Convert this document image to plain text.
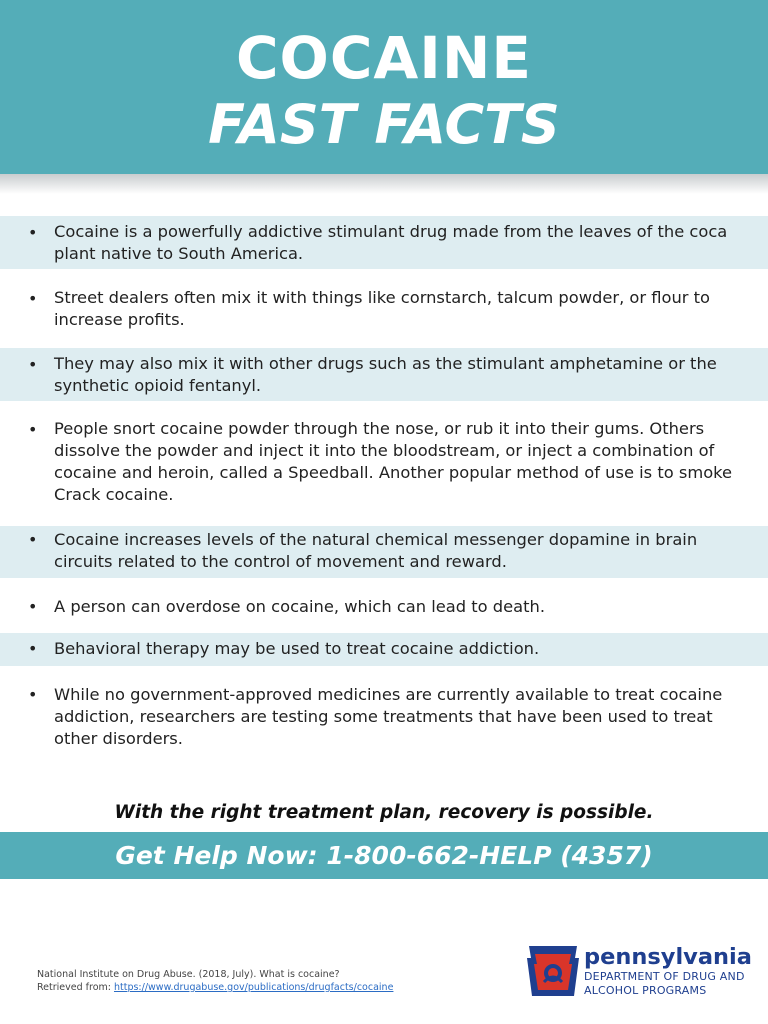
COCAINE
FAST FACTS
• Cocaine is a powerfully addictive stimulant drug made from the leaves of the coca plant native to South America.
• Street dealers often mix it with things like cornstarch, talcum powder, or flour to increase profits.
• They may also mix it with other drugs such as the stimulant amphetamine or the synthetic opioid fentanyl.
• People snort cocaine powder through the nose, or rub it into their gums. Others dissolve the powder and inject it into the bloodstream, or inject a combination of cocaine and heroin, called a Speedball. Another popular method of use is to smoke Crack cocaine.
• Cocaine increases levels of the natural chemical messenger dopamine in brain circuits related to the control of movement and reward.
• A person can overdose on cocaine, which can lead to death.
• Behavioral therapy may be used to treat cocaine addiction.
• While no government-approved medicines are currently available to treat cocaine addiction, researchers are testing some treatments that have been used to treat other disorders.
With the right treatment plan, recovery is possible.
Get Help Now: 1-800-662-HELP (4357)
National Institute on Drug Abuse. (2018, July). What is cocaine?
Retrieved from: https://www.drugabuse.gov/publications/drugfacts/cocaine
pennsylvania
DEPARTMENT OF DRUG AND
ALCOHOL PROGRAMS
